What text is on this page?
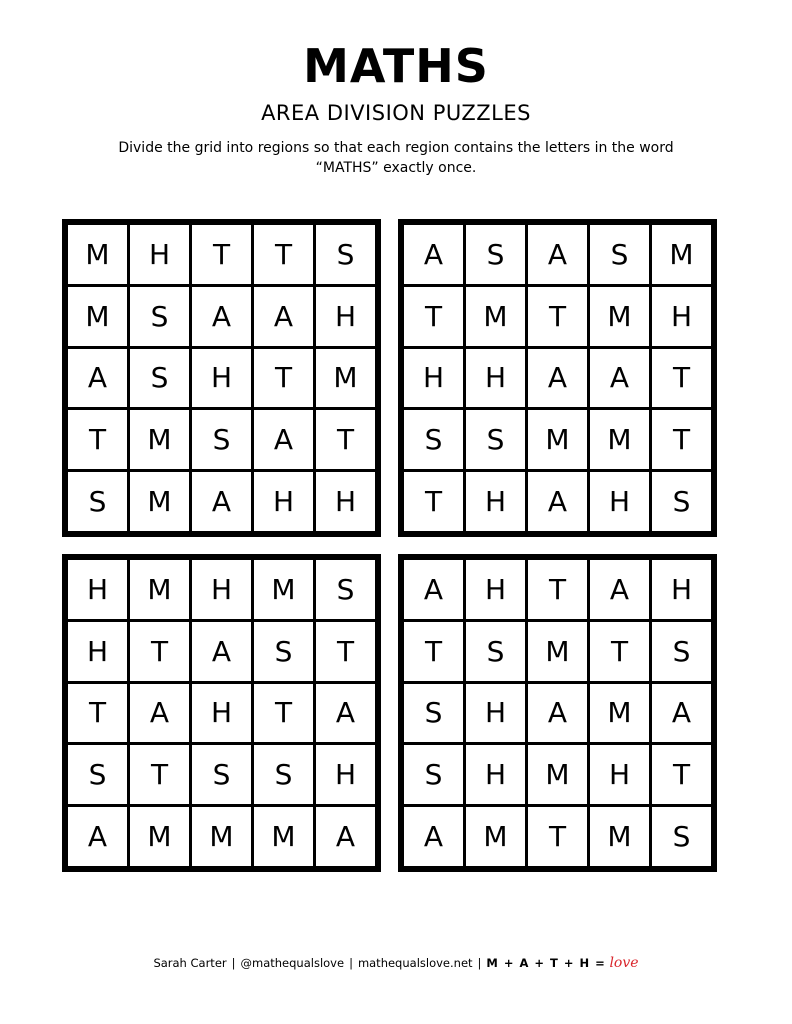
MATHS
AREA DIVISION PUZZLES
Divide the grid into regions so that each region contains the letters in the word “MATHS” exactly once.
M	H	T	T	S
M	S	A	A	H
A	S	H	T	M
T	M	S	A	T
S	M	A	H	H
A	S	A	S	M
T	M	T	M	H
H	H	A	A	T
S	S	M	M	T
T	H	A	H	S
H	M	H	M	S
H	T	A	S	T
T	A	H	T	A
S	T	S	S	H
A	M	M	M	A
A	H	T	A	H
T	S	M	T	S
S	H	A	M	A
S	H	M	H	T
A	M	T	M	S
Sarah Carter | @mathequalslove | mathequalslove.net | M + A + T + H = love
